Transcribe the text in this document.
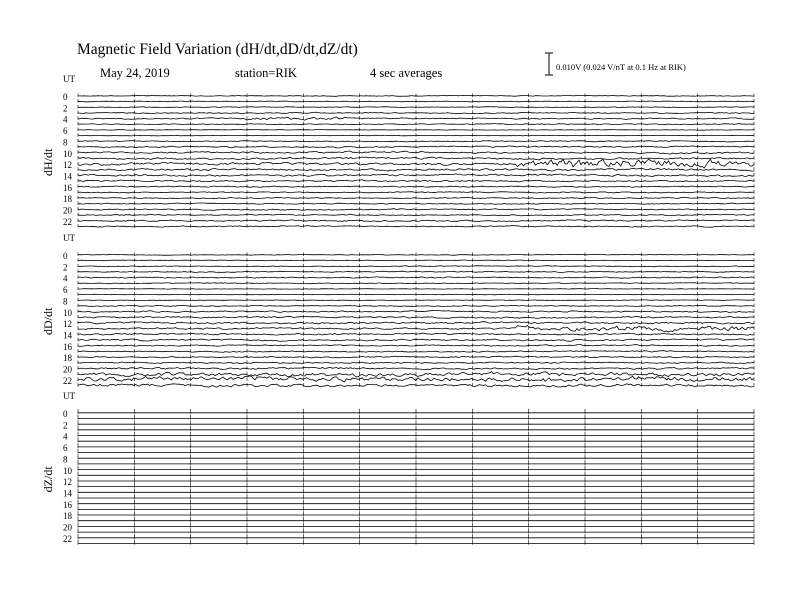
Magnetic Field Variation (dH/dt,dD/dt,dZ/dt)
May 24, 2019	station=RIK	4 sec averages	0.010V (0.024 V/nT at 0.1 Hz at RIK)
UT
dH/dt
0
2
4
6
8
10
12
14
16
18
20
22
UT
dD/dt
0
2
4
6
8
10
12
14
16
18
20
22
UT
dZ/dt
0
2
4
6
8
10
12
14
16
18
20
22
